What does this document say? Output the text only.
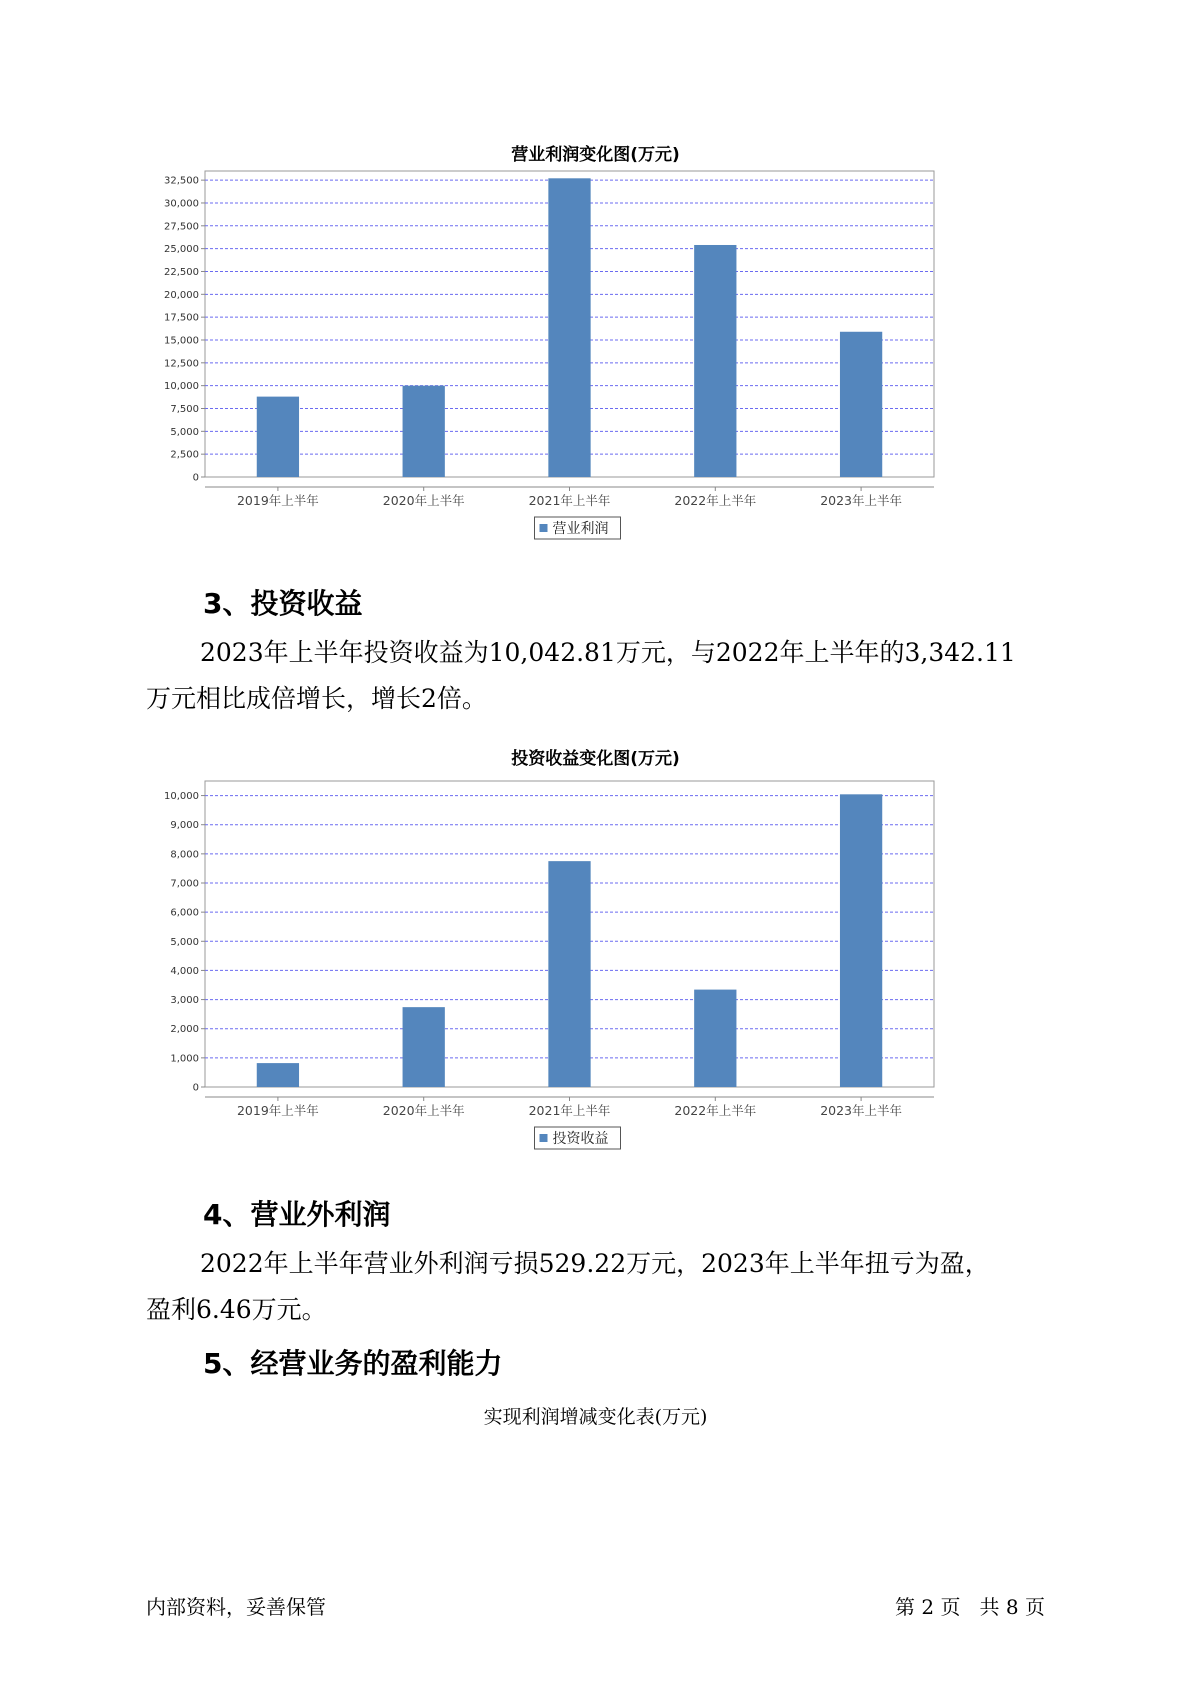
营业利润变化图(万元)
0
2,500
5,000
7,500
10,000
12,500
15,000
17,500
20,000
22,500
25,000
27,500
30,000
32,500
2019年上半年	2020年上半年	2021年上半年	2022年上半年	2023年上半年
营业利润
3、投资收益
2023年上半年投资收益为10,042.81万元，与2022年上半年的3,342.11
万元相比成倍增长，增长2倍。
投资收益变化图(万元)
0
1,000
2,000
3,000
4,000
5,000
6,000
7,000
8,000
9,000
10,000
2019年上半年	2020年上半年	2021年上半年	2022年上半年	2023年上半年
投资收益
4、营业外利润
2022年上半年营业外利润亏损529.22万元，2023年上半年扭亏为盈，
盈利6.46万元。
5、经营业务的盈利能力
实现利润增减变化表(万元)
内部资料，妥善保管	第 2 页   共 8 页
